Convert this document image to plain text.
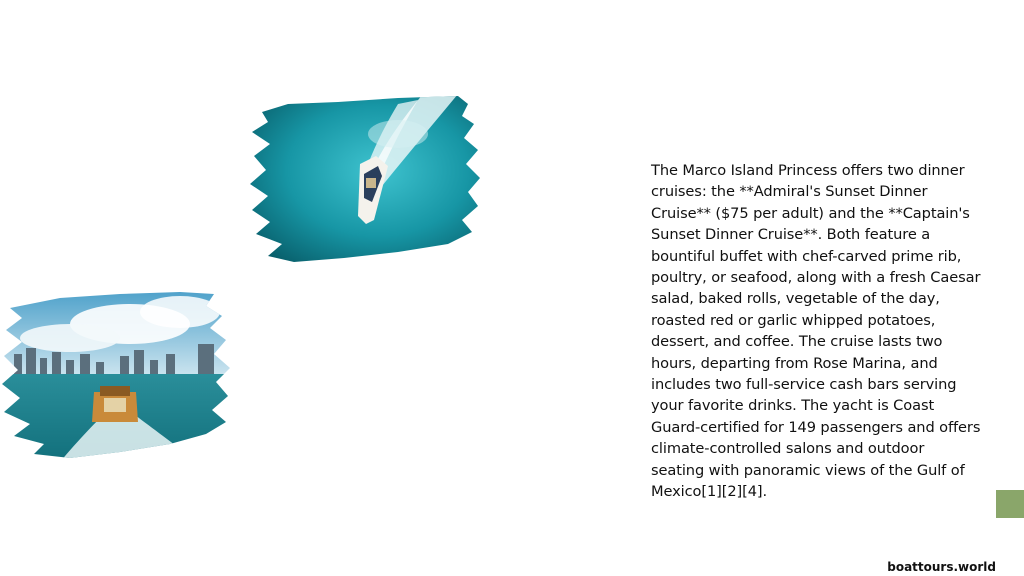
The Marco Island Princess offers two dinner cruises: the **Admiral's Sunset Dinner Cruise** ($75 per adult) and the **Captain's Sunset Dinner Cruise**. Both feature a bountiful buffet with chef-carved prime rib, poultry, or seafood, along with a fresh Caesar salad, baked rolls, vegetable of the day, roasted red or garlic whipped potatoes, dessert, and coffee. The cruise lasts two hours, departing from Rose Marina, and includes two full-service cash bars serving your favorite drinks. The yacht is Coast Guard-certified for 149 passengers and offers climate-controlled salons and outdoor seating with panoramic views of the Gulf of Mexico[1][2][4].
boattours.world
